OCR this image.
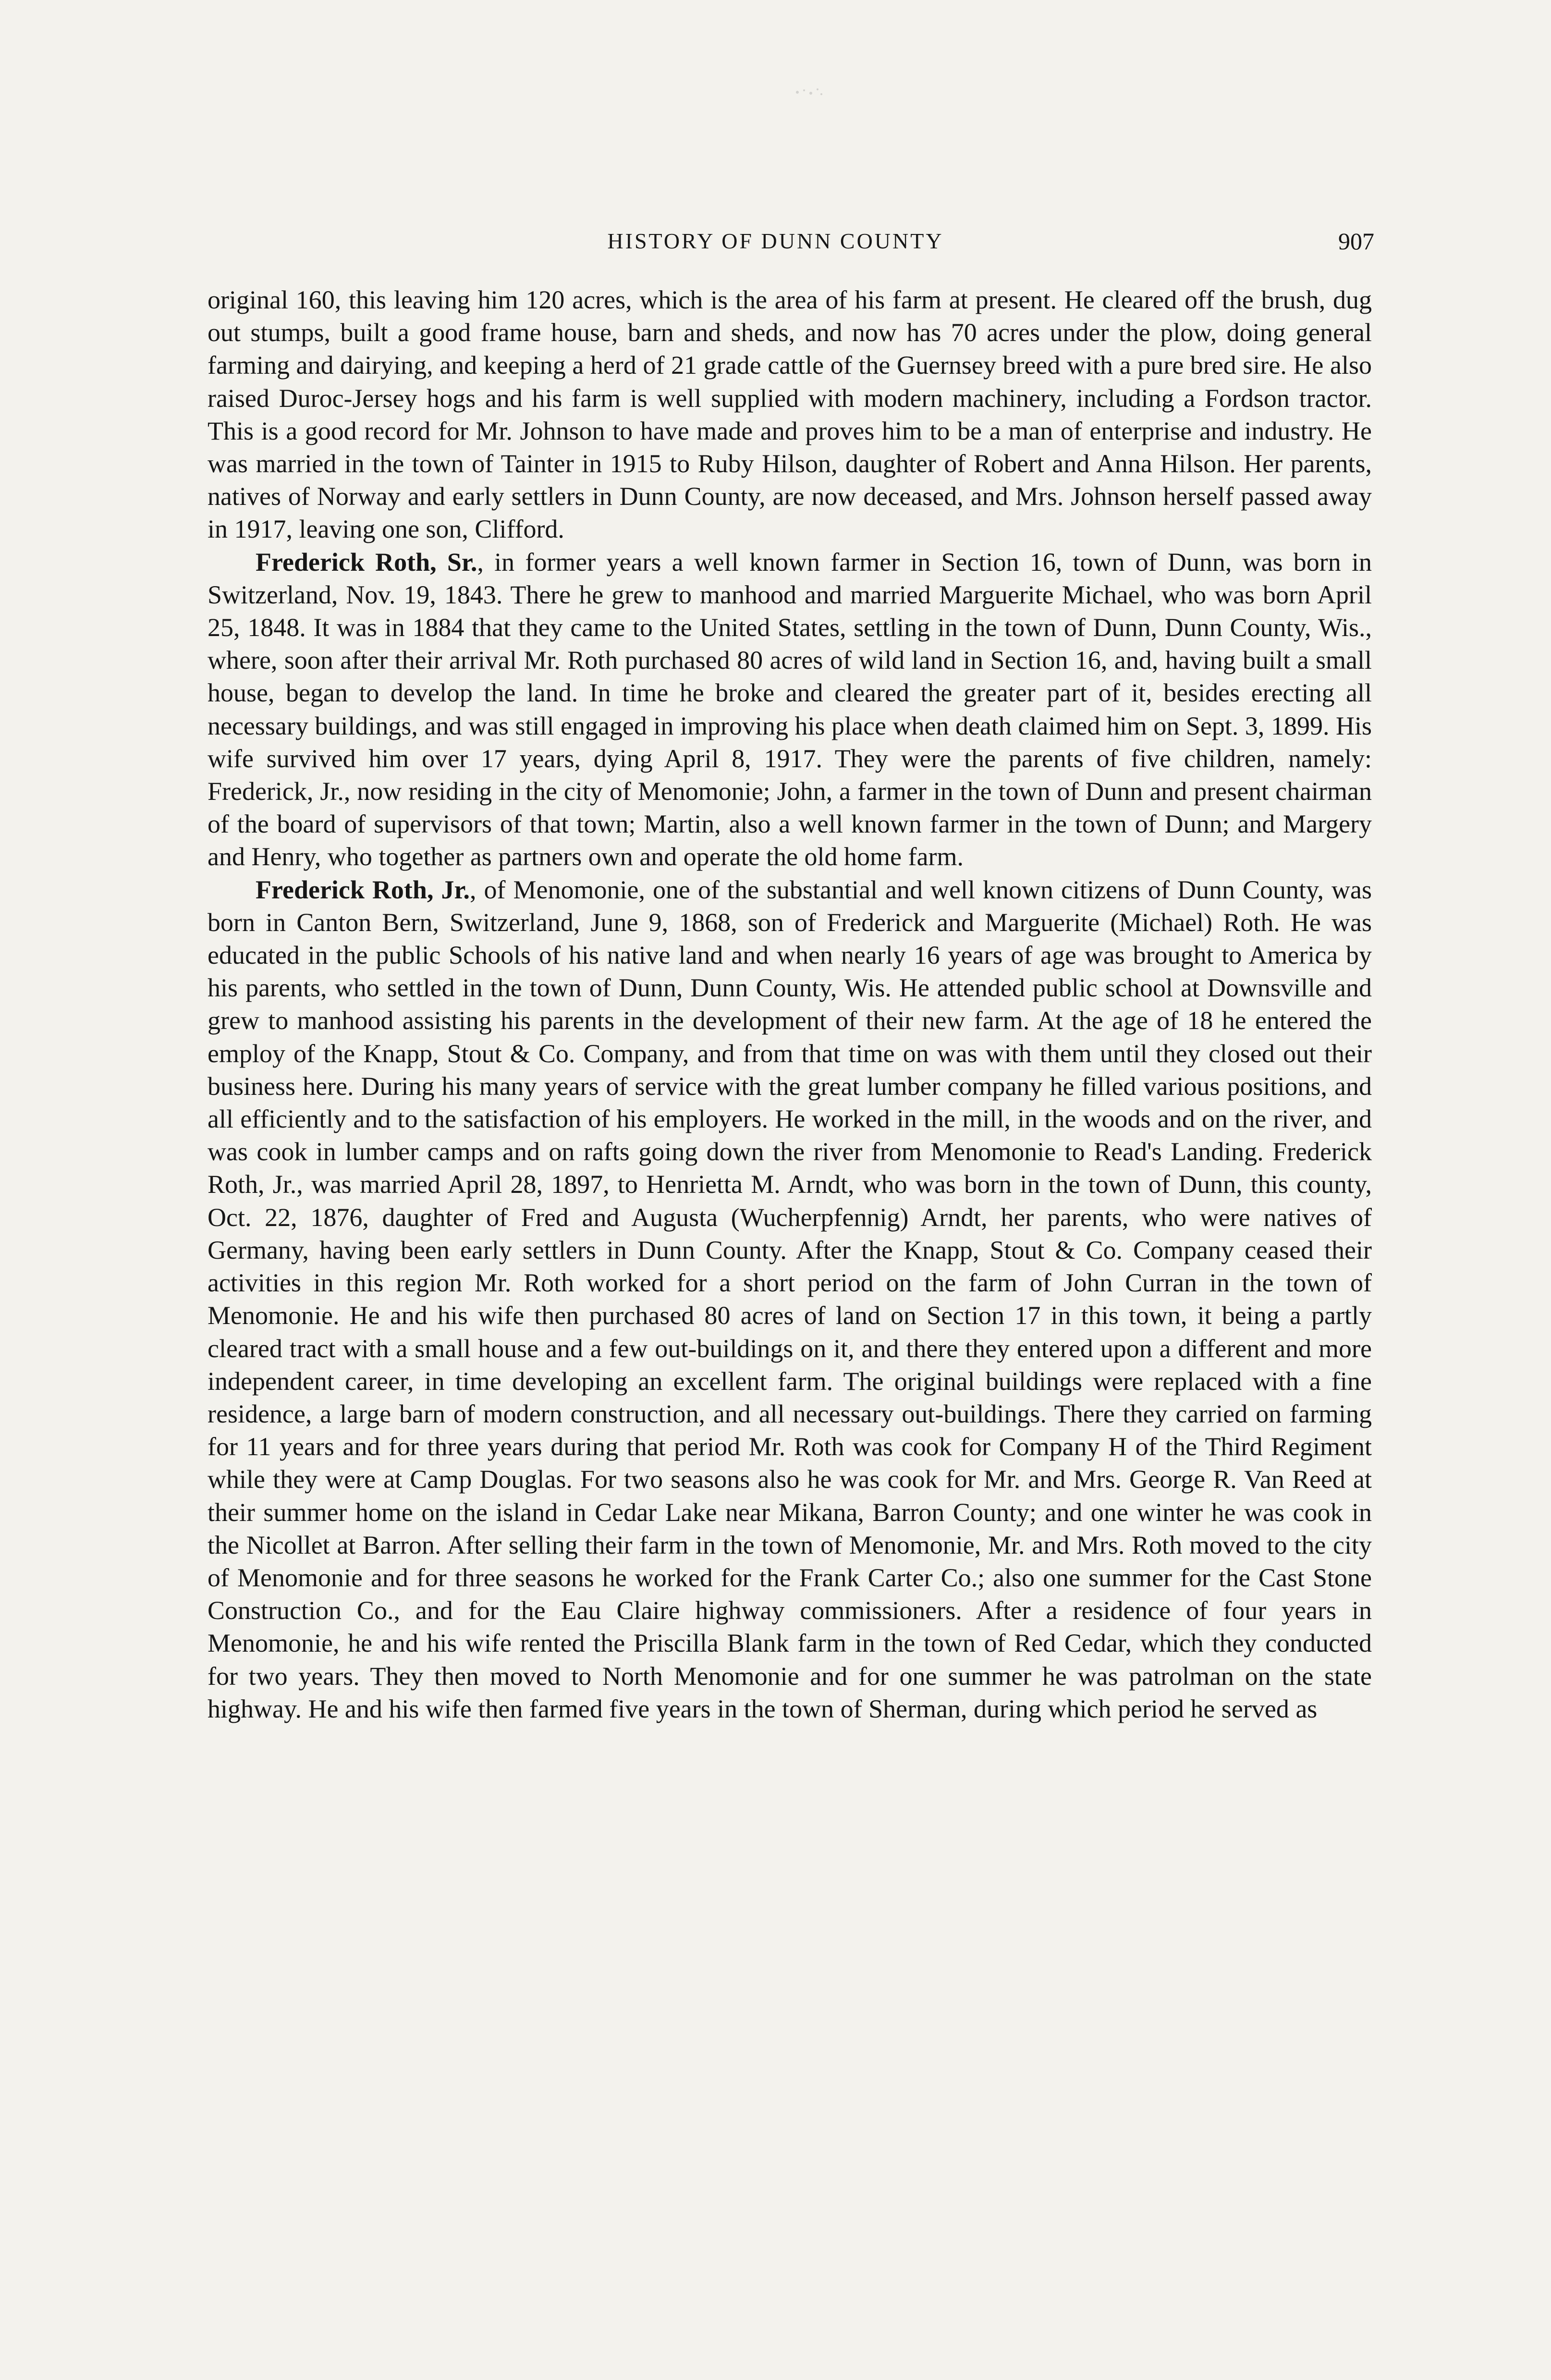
HISTORY OF DUNN COUNTY	907

original 160, this leaving him 120 acres, which is the area of his farm at present. He cleared off the brush, dug out stumps, built a good frame house, barn and sheds, and now has 70 acres under the plow, doing general farming and dairying, and keeping a herd of 21 grade cattle of the Guernsey breed with a pure bred sire. He also raised Duroc-Jersey hogs and his farm is well supplied with modern machinery, including a Fordson tractor. This is a good record for Mr. Johnson to have made and proves him to be a man of enterprise and industry. He was married in the town of Tainter in 1915 to Ruby Hilson, daughter of Robert and Anna Hilson. Her parents, natives of Norway and early settlers in Dunn County, are now deceased, and Mrs. Johnson herself passed away in 1917, leaving one son, Clifford.

Frederick Roth, Sr., in former years a well known farmer in Section 16, town of Dunn, was born in Switzerland, Nov. 19, 1843. There he grew to manhood and married Marguerite Michael, who was born April 25, 1848. It was in 1884 that they came to the United States, settling in the town of Dunn, Dunn County, Wis., where, soon after their arrival Mr. Roth purchased 80 acres of wild land in Section 16, and, having built a small house, began to develop the land. In time he broke and cleared the greater part of it, besides erecting all necessary buildings, and was still engaged in improving his place when death claimed him on Sept. 3, 1899. His wife survived him over 17 years, dying April 8, 1917. They were the parents of five children, namely: Frederick, Jr., now residing in the city of Menomonie; John, a farmer in the town of Dunn and present chairman of the board of supervisors of that town; Martin, also a well known farmer in the town of Dunn; and Margery and Henry, who together as partners own and operate the old home farm.

Frederick Roth, Jr., of Menomonie, one of the substantial and well known citizens of Dunn County, was born in Canton Bern, Switzerland, June 9, 1868, son of Frederick and Marguerite (Michael) Roth. He was educated in the public Schools of his native land and when nearly 16 years of age was brought to America by his parents, who settled in the town of Dunn, Dunn County, Wis. He attended public school at Downsville and grew to manhood assisting his parents in the development of their new farm. At the age of 18 he entered the employ of the Knapp, Stout & Co. Company, and from that time on was with them until they closed out their business here. During his many years of service with the great lumber company he filled various positions, and all efficiently and to the satisfaction of his employers. He worked in the mill, in the woods and on the river, and was cook in lumber camps and on rafts going down the river from Menomonie to Read's Landing. Frederick Roth, Jr., was married April 28, 1897, to Henrietta M. Arndt, who was born in the town of Dunn, this county, Oct. 22, 1876, daughter of Fred and Augusta (Wucherpfennig) Arndt, her parents, who were natives of Germany, having been early settlers in Dunn County. After the Knapp, Stout & Co. Company ceased their activities in this region Mr. Roth worked for a short period on the farm of John Curran in the town of Menomonie. He and his wife then purchased 80 acres of land on Section 17 in this town, it being a partly cleared tract with a small house and a few out-buildings on it, and there they entered upon a different and more independent career, in time developing an excellent farm. The original buildings were replaced with a fine residence, a large barn of modern construction, and all necessary out-buildings. There they carried on farming for 11 years and for three years during that period Mr. Roth was cook for Company H of the Third Regiment while they were at Camp Douglas. For two seasons also he was cook for Mr. and Mrs. George R. Van Reed at their summer home on the island in Cedar Lake near Mikana, Barron County; and one winter he was cook in the Nicollet at Barron. After selling their farm in the town of Menomonie, Mr. and Mrs. Roth moved to the city of Menomonie and for three seasons he worked for the Frank Carter Co.; also one summer for the Cast Stone Construction Co., and for the Eau Claire highway commissioners. After a residence of four years in Menomonie, he and his wife rented the Priscilla Blank farm in the town of Red Cedar, which they conducted for two years. They then moved to North Menomonie and for one summer he was patrolman on the state highway. He and his wife then farmed five years in the town of Sherman, during which period he served as
